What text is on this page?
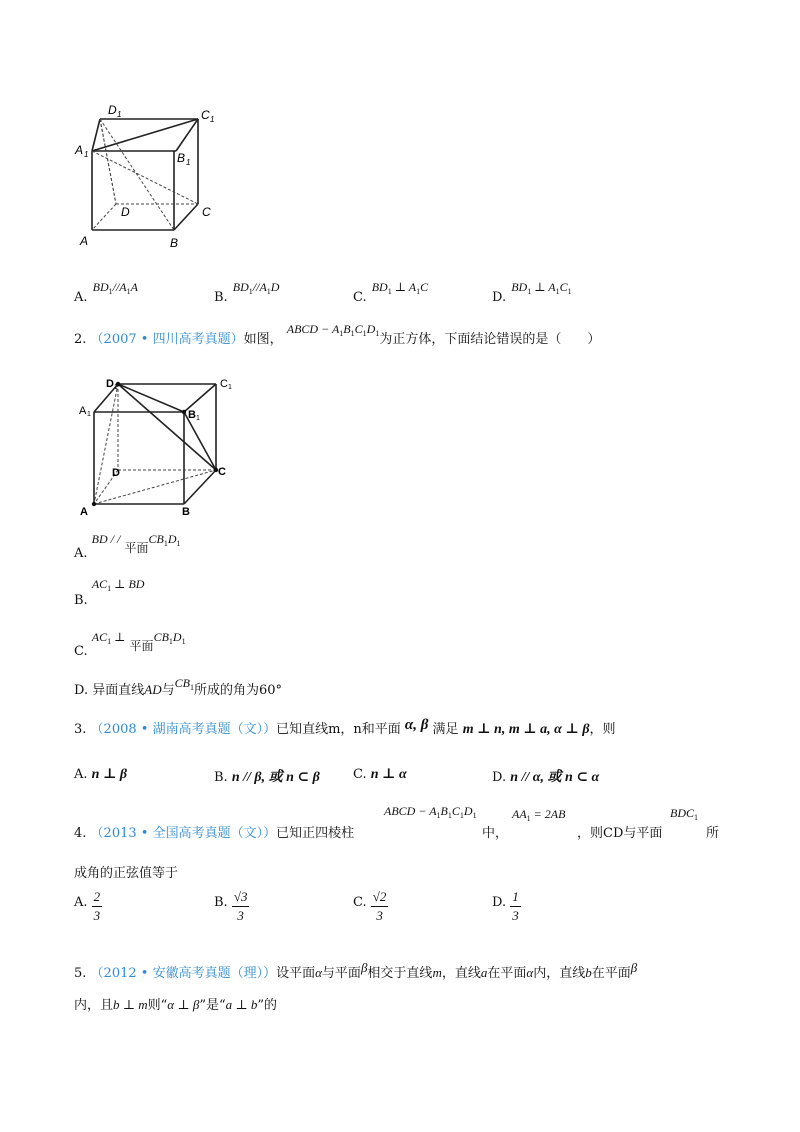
D 1	C 1
A 1	B 1
D	C
A	B
$_{A.}$ $BD_1//A_1A$
$_{B.}$ $BD_1//A_1D$
$_{C.}$ $BD_1$ ⊥ $A_1C$
$_{D.}$ $BD_1$ ⊥ $A_1C_1$
2. （2007 • 四川高考真题）如图， ABCD − $A_1B_1C_1D_1$为正方体，下面结论错误的是（　　）
D 1	C 1
A 1	B 1
D	C
A	B
A. BD / / 平面$CB_1D_1$
B. $AC_1$ ⊥ BD
C. $AC_1$ ⊥ 平面$CB_1D_1$
D. 异面直线AD与$CB_1$所成的角为60°
3. （2008 • 湖南高考真题（文））已知直线m，n和平面 α, β 满足 m ⊥ n, m ⊥ a, α ⊥ β，则
A. n ⊥ β	B. n // β, 或 n ⊂ β	C. n ⊥ α	D. n // α, 或 n ⊂ α
4. （2013 • 全国高考真题（文））已知正四棱柱
ABCD − $A_1B_1C_1D_1$
中，
$AA_1 = 2AB$
，则CD与平面
$BDC_1$
所
成角的正弦值等于
A. $\frac{2}{3}$	B. $\frac{√3}{3}$	C. $\frac{√2}{3}$	D. $\frac{1}{3}$
5. （2012 • 安徽高考真题（理））设平面α与平面β相交于直线m，直线a在平面α内，直线b在平面β
内，且b ⊥ m则“α ⊥ β”是“a ⊥ b”的
